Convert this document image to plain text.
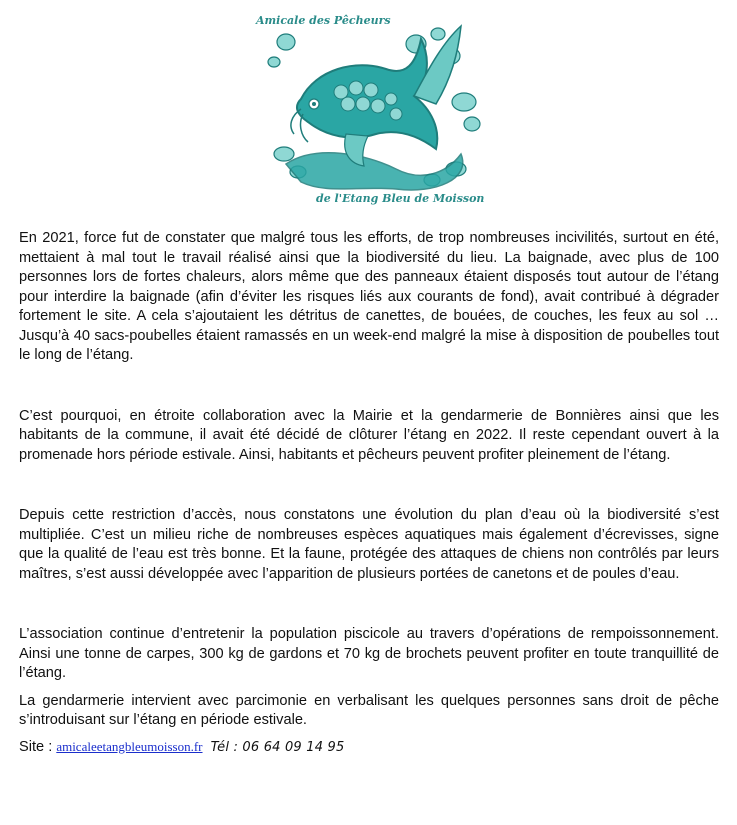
Amicale des Pêcheurs
de l'Etang Bleu de Moisson

En 2021, force fut de constater que malgré tous les efforts, de trop nombreuses incivilités, surtout en été, mettaient à mal tout le travail réalisé ainsi que la biodiversité du lieu. La baignade, avec plus de 100 personnes lors de fortes chaleurs, alors même que des panneaux étaient disposés tout autour de l’étang pour interdire la baignade (afin d’éviter les risques liés aux courants de fond), avait contribué à dégrader fortement le site. A cela s’ajoutaient les détritus de canettes, de bouées, de couches, les feux au sol … Jusqu’à 40 sacs-poubelles étaient ramassés en un week-end malgré la mise à disposition de poubelles tout le long de l’étang.

C’est pourquoi, en étroite collaboration avec la Mairie et la gendarmerie de Bonnières ainsi que les habitants de la commune, il avait été décidé de clôturer l’étang en 2022. Il reste cependant ouvert à la promenade hors période estivale. Ainsi, habitants et pêcheurs peuvent profiter pleinement de l’étang.

Depuis cette restriction d’accès, nous constatons une évolution du plan d’eau où la biodiversité s’est multipliée. C’est un milieu riche de nombreuses espèces aquatiques mais également d’écrevisses, signe que la qualité de l’eau est très bonne. Et la faune, protégée des attaques de chiens non contrôlés par leurs maîtres, s’est aussi développée avec l’apparition de plusieurs portées de canetons et de poules d’eau.

L’association continue d’entretenir la population piscicole au travers d’opérations de rempoissonnement. Ainsi une tonne de carpes, 300 kg de gardons et 70 kg de brochets peuvent profiter en toute tranquillité de l’étang.

La gendarmerie intervient avec parcimonie en verbalisant les quelques personnes sans droit de pêche s’introduisant sur l’étang en période estivale.

Site : amicaleetangbleumoisson.fr Tél : 06 64 09 14 95
